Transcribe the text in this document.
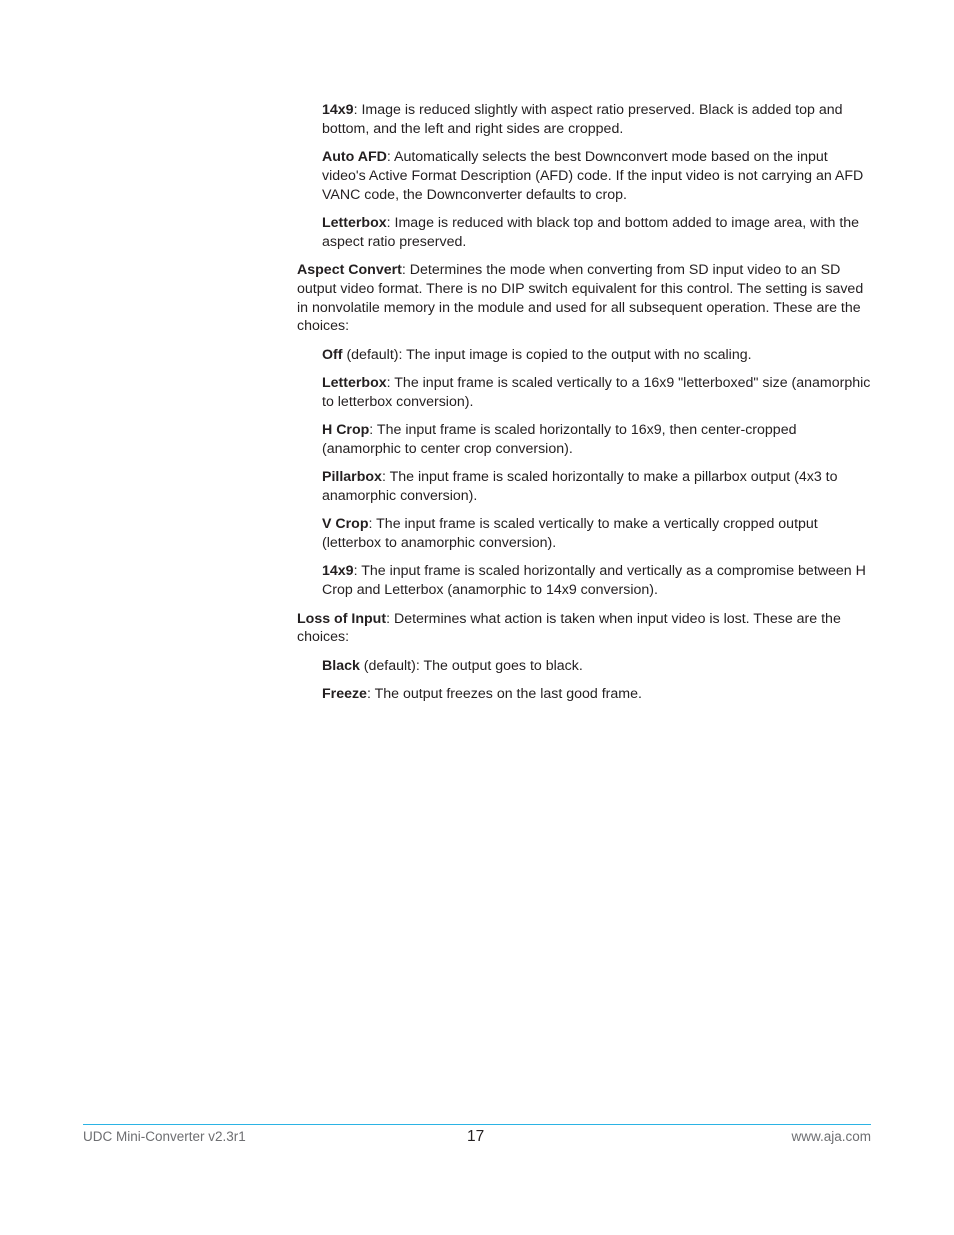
14x9: Image is reduced slightly with aspect ratio preserved. Black is added top and bottom, and the left and right sides are cropped.

Auto AFD: Automatically selects the best Downconvert mode based on the input video's Active Format Description (AFD) code. If the input video is not carrying an AFD VANC code, the Downconverter defaults to crop.

Letterbox: Image is reduced with black top and bottom added to image area, with the aspect ratio preserved.

Aspect Convert: Determines the mode when converting from SD input video to an SD output video format. There is no DIP switch equivalent for this control. The setting is saved in nonvolatile memory in the module and used for all subsequent operation. These are the choices:

Off (default): The input image is copied to the output with no scaling.

Letterbox: The input frame is scaled vertically to a 16x9 "letterboxed" size (anamorphic to letterbox conversion).

H Crop: The input frame is scaled horizontally to 16x9, then center-cropped (anamorphic to center crop conversion).

Pillarbox: The input frame is scaled horizontally to make a pillarbox output (4x3 to anamorphic conversion).

V Crop: The input frame is scaled vertically to make a vertically cropped output (letterbox to anamorphic conversion).

14x9: The input frame is scaled horizontally and vertically as a compromise between H Crop and Letterbox (anamorphic to 14x9 conversion).

Loss of Input: Determines what action is taken when input video is lost. These are the choices:

Black (default): The output goes to black.

Freeze: The output freezes on the last good frame.

UDC Mini-Converter v2.3r1	17	www.aja.com
